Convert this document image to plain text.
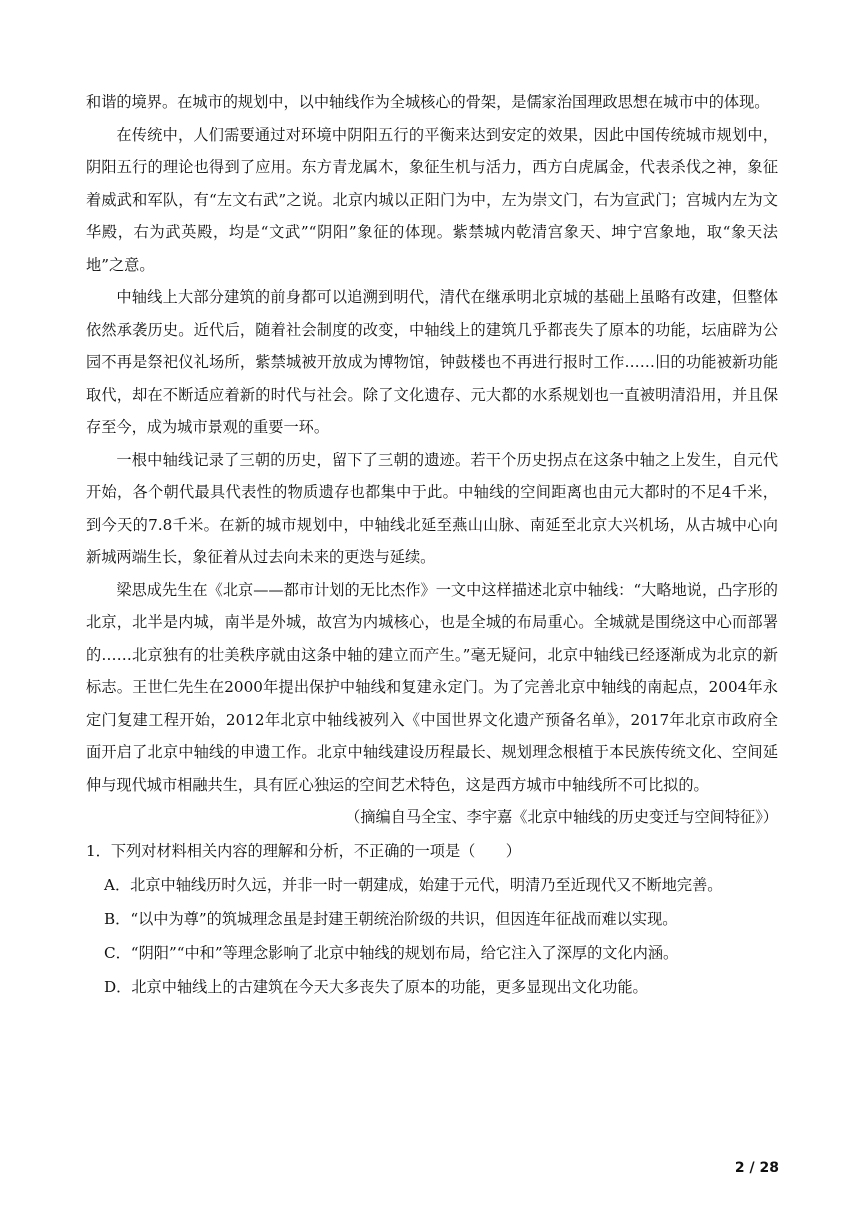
和谐的境界。在城市的规划中，以中轴线作为全城核心的骨架，是儒家治国理政思想在城市中的体现。

在传统中，人们需要通过对环境中阴阳五行的平衡来达到安定的效果，因此中国传统城市规划中，阴阳五行的理论也得到了应用。东方青龙属木，象征生机与活力，西方白虎属金，代表杀伐之神，象征着威武和军队，有“左文右武”之说。北京内城以正阳门为中，左为崇文门，右为宣武门；宫城内左为文华殿，右为武英殿，均是“文武”“阴阳”象征的体现。紫禁城内乾清宫象天、坤宁宫象地，取“象天法地”之意。

中轴线上大部分建筑的前身都可以追溯到明代，清代在继承明北京城的基础上虽略有改建，但整体依然承袭历史。近代后，随着社会制度的改变，中轴线上的建筑几乎都丧失了原本的功能，坛庙辟为公园不再是祭祀仪礼场所，紫禁城被开放成为博物馆，钟鼓楼也不再进行报时工作……旧的功能被新功能取代，却在不断适应着新的时代与社会。除了文化遗存、元大都的水系规划也一直被明清沿用，并且保存至今，成为城市景观的重要一环。

一根中轴线记录了三朝的历史，留下了三朝的遗迹。若干个历史拐点在这条中轴之上发生，自元代开始，各个朝代最具代表性的物质遗存也都集中于此。中轴线的空间距离也由元大都时的不足4千米，到今天的7.8千米。在新的城市规划中，中轴线北延至燕山山脉、南延至北京大兴机场，从古城中心向新城两端生长，象征着从过去向未来的更迭与延续。

梁思成先生在《北京——都市计划的无比杰作》一文中这样描述北京中轴线：“大略地说，凸字形的北京，北半是内城，南半是外城，故宫为内城核心，也是全城的布局重心。全城就是围绕这中心而部署的……北京独有的壮美秩序就由这条中轴的建立而产生。”毫无疑问，北京中轴线已经逐渐成为北京的新标志。王世仁先生在2000年提出保护中轴线和复建永定门。为了完善北京中轴线的南起点，2004年永定门复建工程开始，2012年北京中轴线被列入《中国世界文化遗产预备名单》，2017年北京市政府全面开启了北京中轴线的申遗工作。北京中轴线建设历程最长、规划理念根植于本民族传统文化、空间延伸与现代城市相融共生，具有匠心独运的空间艺术特色，这是西方城市中轴线所不可比拟的。

（摘编自马全宝、李宇嘉《北京中轴线的历史变迁与空间特征》）

1．下列对材料相关内容的理解和分析，不正确的一项是（　　）

A．北京中轴线历时久远，并非一时一朝建成，始建于元代，明清乃至近现代又不断地完善。

B．“以中为尊”的筑城理念虽是封建王朝统治阶级的共识，但因连年征战而难以实现。

C．“阴阳”“中和”等理念影响了北京中轴线的规划布局，给它注入了深厚的文化内涵。

D．北京中轴线上的古建筑在今天大多丧失了原本的功能，更多显现出文化功能。

2 / 28
